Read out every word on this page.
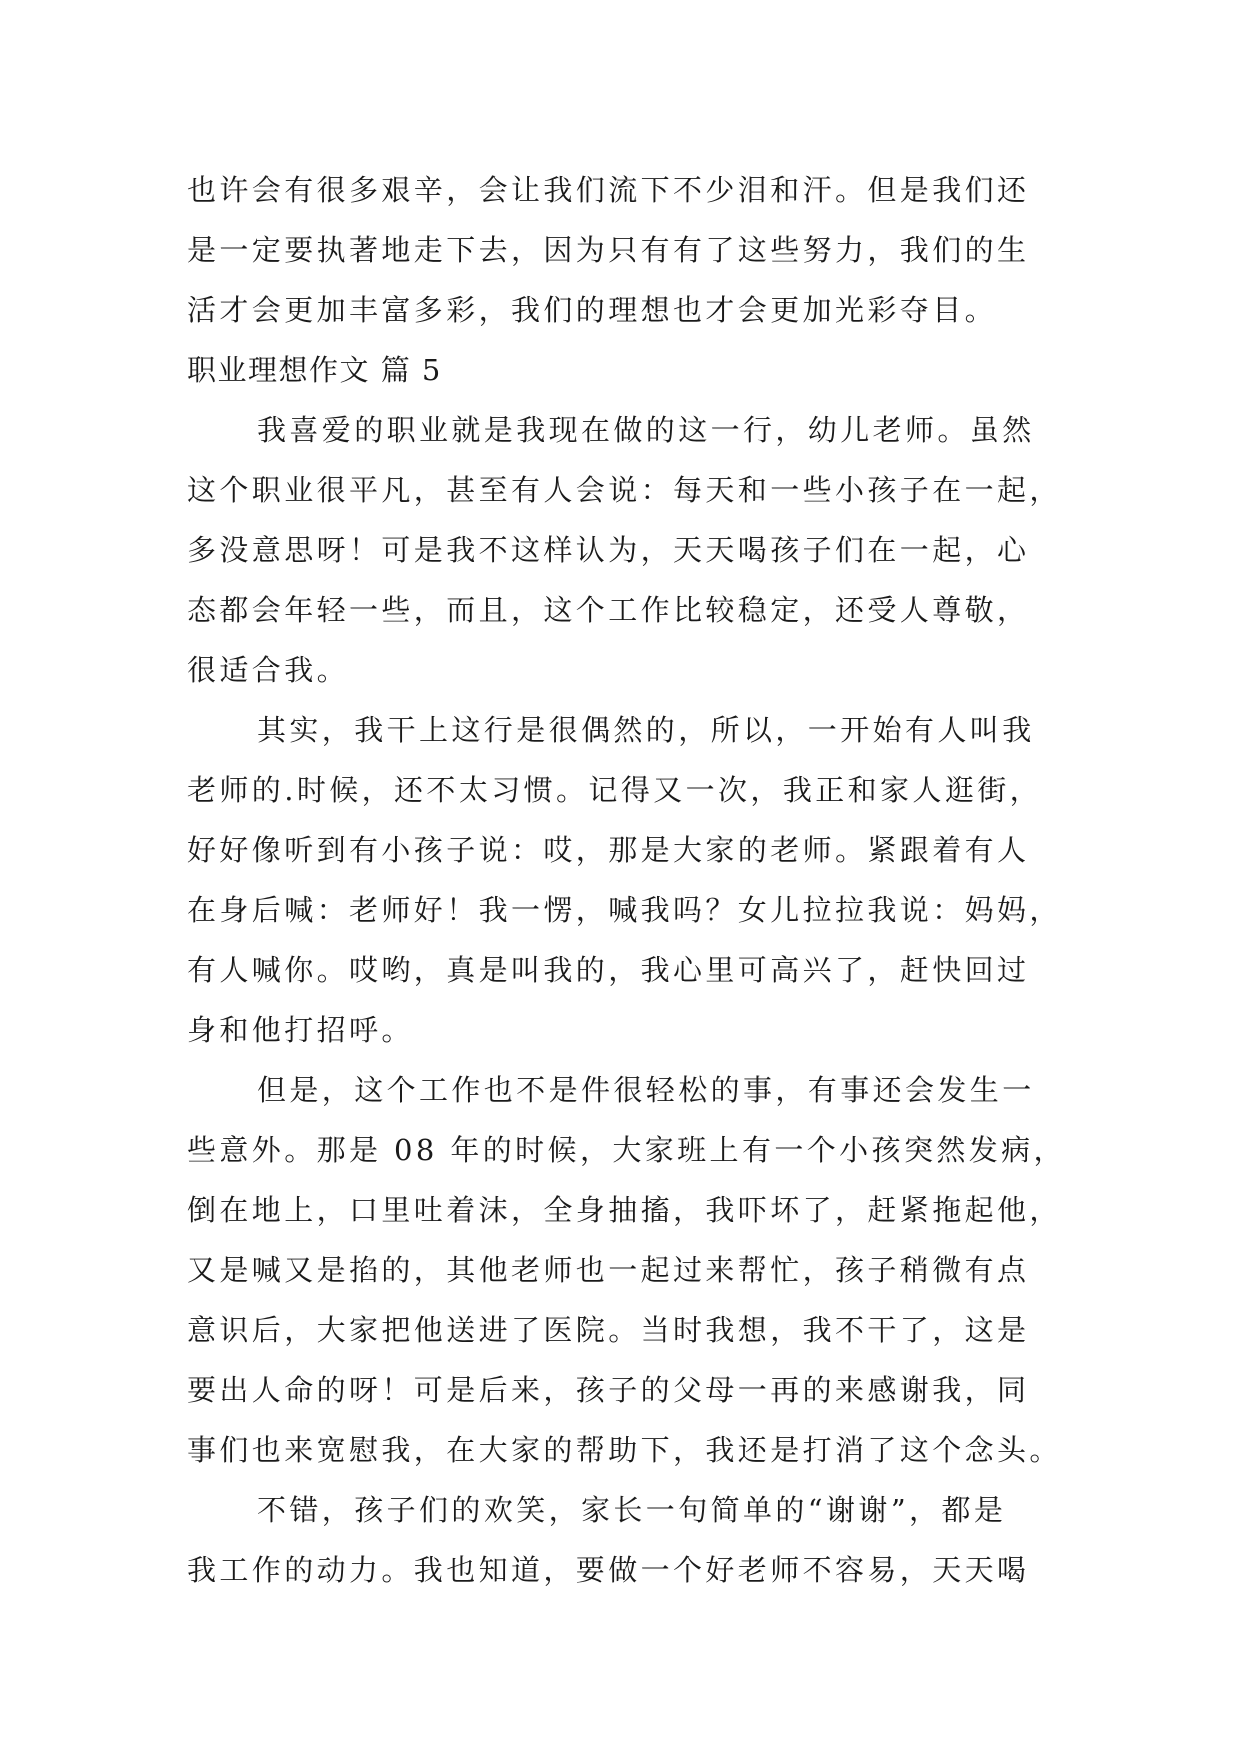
也许会有很多艰辛，会让我们流下不少泪和汗。但是我们还
是一定要执著地走下去，因为只有有了这些努力，我们的生
活才会更加丰富多彩，我们的理想也才会更加光彩夺目。
职业理想作文 篇 5
我喜爱的职业就是我现在做的这一行，幼儿老师。虽然
这个职业很平凡，甚至有人会说：每天和一些小孩子在一起，
多没意思呀！可是我不这样认为，天天喝孩子们在一起，心
态都会年轻一些，而且，这个工作比较稳定，还受人尊敬，
很适合我。
其实，我干上这行是很偶然的，所以，一开始有人叫我
老师的.时候，还不太习惯。记得又一次，我正和家人逛街，
好好像听到有小孩子说：哎，那是大家的老师。紧跟着有人
在身后喊：老师好！我一愣，喊我吗？女儿拉拉我说：妈妈，
有人喊你。哎哟，真是叫我的，我心里可高兴了，赶快回过
身和他打招呼。
但是，这个工作也不是件很轻松的事，有事还会发生一
些意外。那是 08 年的时候，大家班上有一个小孩突然发病，
倒在地上，口里吐着沫，全身抽搐，我吓坏了，赶紧拖起他，
又是喊又是掐的，其他老师也一起过来帮忙，孩子稍微有点
意识后，大家把他送进了医院。当时我想，我不干了，这是
要出人命的呀！可是后来，孩子的父母一再的来感谢我，同
事们也来宽慰我，在大家的帮助下，我还是打消了这个念头。
不错，孩子们的欢笑，家长一句简单的“谢谢”，都是
我工作的动力。我也知道，要做一个好老师不容易，天天喝
